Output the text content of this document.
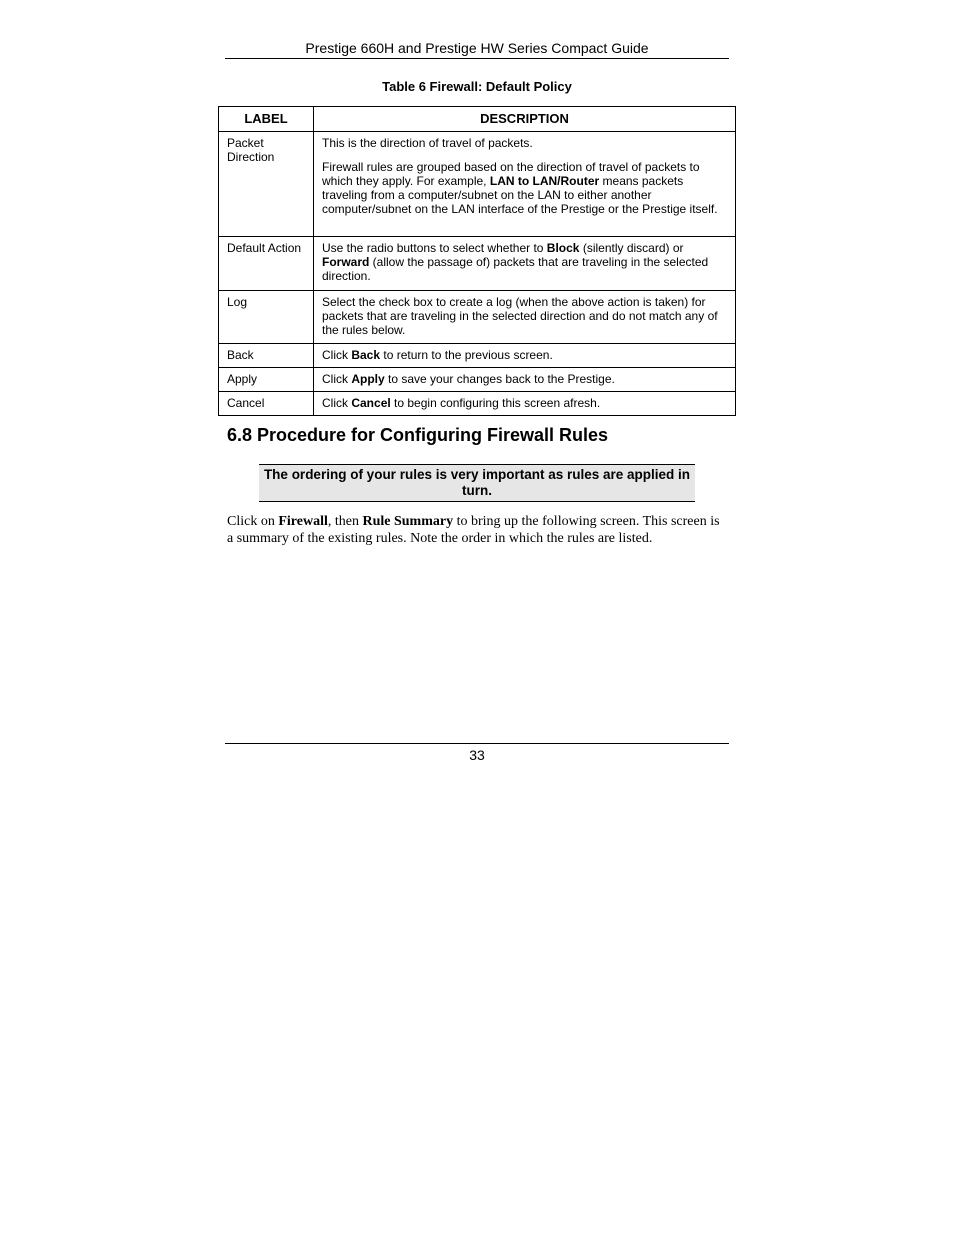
Prestige 660H and Prestige HW Series Compact Guide
Table 6 Firewall: Default Policy
LABEL	DESCRIPTION
Packet Direction	This is the direction of travel of packets.

Firewall rules are grouped based on the direction of travel of packets to which they apply. For example, LAN to LAN/Router means packets traveling from a computer/subnet on the LAN to either another computer/subnet on the LAN interface of the Prestige or the Prestige itself.

Default Action	Use the radio buttons to select whether to Block (silently discard) or Forward (allow the passage of) packets that are traveling in the selected direction.
Log	Select the check box to create a log (when the above action is taken) for packets that are traveling in the selected direction and do not match any of the rules below.
Back	Click Back to return to the previous screen.
Apply	Click Apply to save your changes back to the Prestige.
Cancel	Click Cancel to begin configuring this screen afresh.
6.8 Procedure for Configuring Firewall Rules
The ordering of your rules is very important as rules are applied in turn.

Click on Firewall, then Rule Summary to bring up the following screen. This screen is a summary of the existing rules. Note the order in which the rules are listed.

33
